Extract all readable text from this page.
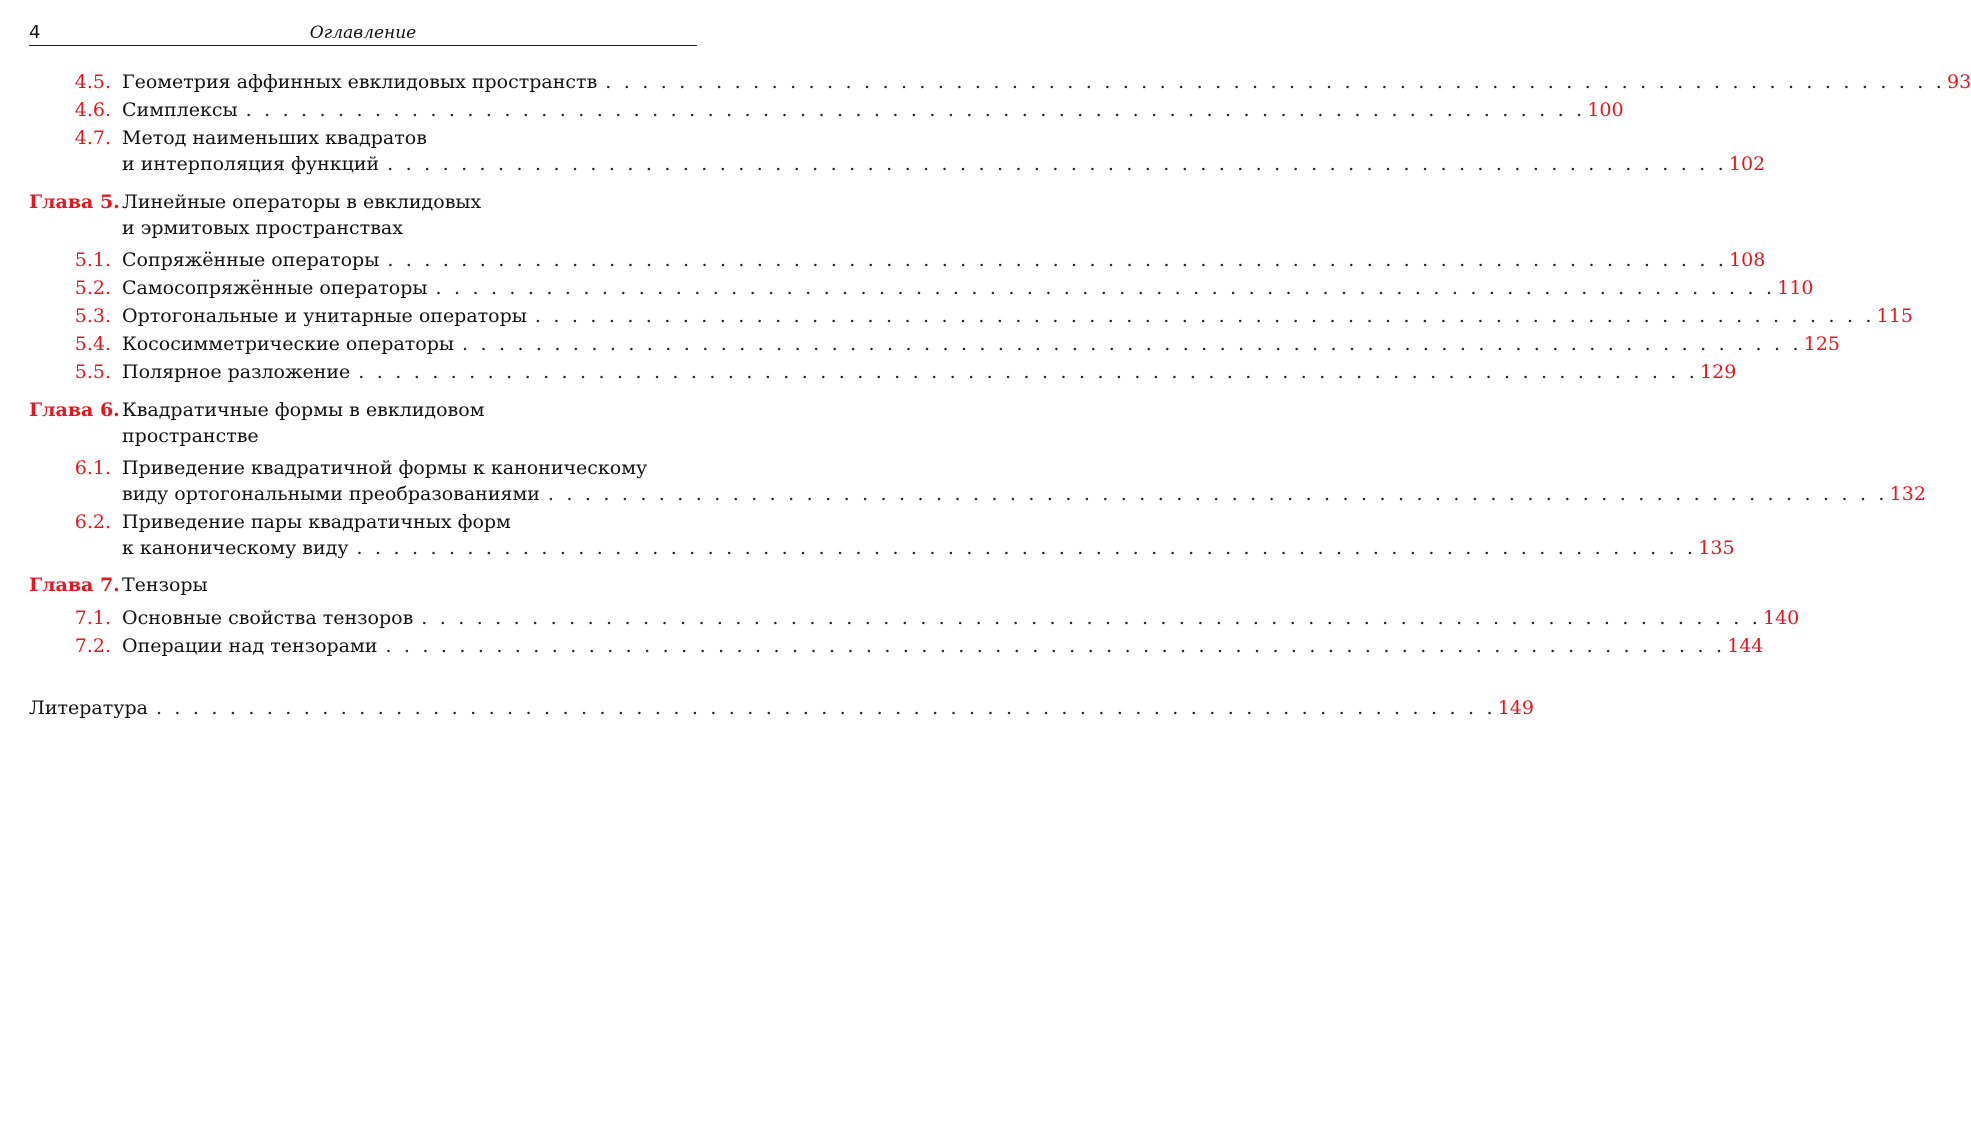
4	Оглавление
4.5. Геометрия аффинных евклидовых пространств . . . . . . . . . . . . . . . . . . . . . . . . . . . . . . . . . . . . . . . . . . . . . . . . . . . . . . . . . . . . . . . . . . . . . . . . . 93
4.6. Симплексы . . . . . . . . . . . . . . . . . . . . . . . . . . . . . . . . . . . . . . . . . . . . . . . . . . . . . . . . . . . . . . . . . . . . . . . . . 100
4.7. Метод наименьших квадратов
и интерполяция функций . . . . . . . . . . . . . . . . . . . . . . . . . . . . . . . . . . . . . . . . . . . . . . . . . . . . . . . . . . . . . . . . . . . . . . . . . 102
Глава 5. Линейные операторы в евклидовых
и эрмитовых пространствах
5.1. Сопряжённые операторы . . . . . . . . . . . . . . . . . . . . . . . . . . . . . . . . . . . . . . . . . . . . . . . . . . . . . . . . . . . . . . . . . . . . . . . . . 108
5.2. Самосопряжённые операторы . . . . . . . . . . . . . . . . . . . . . . . . . . . . . . . . . . . . . . . . . . . . . . . . . . . . . . . . . . . . . . . . . . . . . . . . . 110
5.3. Ортогональные и унитарные операторы . . . . . . . . . . . . . . . . . . . . . . . . . . . . . . . . . . . . . . . . . . . . . . . . . . . . . . . . . . . . . . . . . . . . . . . . . 115
5.4. Кососимметрические операторы . . . . . . . . . . . . . . . . . . . . . . . . . . . . . . . . . . . . . . . . . . . . . . . . . . . . . . . . . . . . . . . . . . . . . . . . . 125
5.5. Полярное разложение . . . . . . . . . . . . . . . . . . . . . . . . . . . . . . . . . . . . . . . . . . . . . . . . . . . . . . . . . . . . . . . . . . . . . . . . . 129
Глава 6. Квадратичные формы в евклидовом
пространстве
6.1. Приведение квадратичной формы к каноническому
виду ортогональными преобразованиями . . . . . . . . . . . . . . . . . . . . . . . . . . . . . . . . . . . . . . . . . . . . . . . . . . . . . . . . . . . . . . . . . . . . . . . . . 132
6.2. Приведение пары квадратичных форм
к каноническому виду . . . . . . . . . . . . . . . . . . . . . . . . . . . . . . . . . . . . . . . . . . . . . . . . . . . . . . . . . . . . . . . . . . . . . . . . . 135
Глава 7. Тензоры
7.1. Основные свойства тензоров . . . . . . . . . . . . . . . . . . . . . . . . . . . . . . . . . . . . . . . . . . . . . . . . . . . . . . . . . . . . . . . . . . . . . . . . . 140
7.2. Операции над тензорами . . . . . . . . . . . . . . . . . . . . . . . . . . . . . . . . . . . . . . . . . . . . . . . . . . . . . . . . . . . . . . . . . . . . . . . . . 144
Литература . . . . . . . . . . . . . . . . . . . . . . . . . . . . . . . . . . . . . . . . . . . . . . . . . . . . . . . . . . . . . . . . . . . . . . . . . 149
